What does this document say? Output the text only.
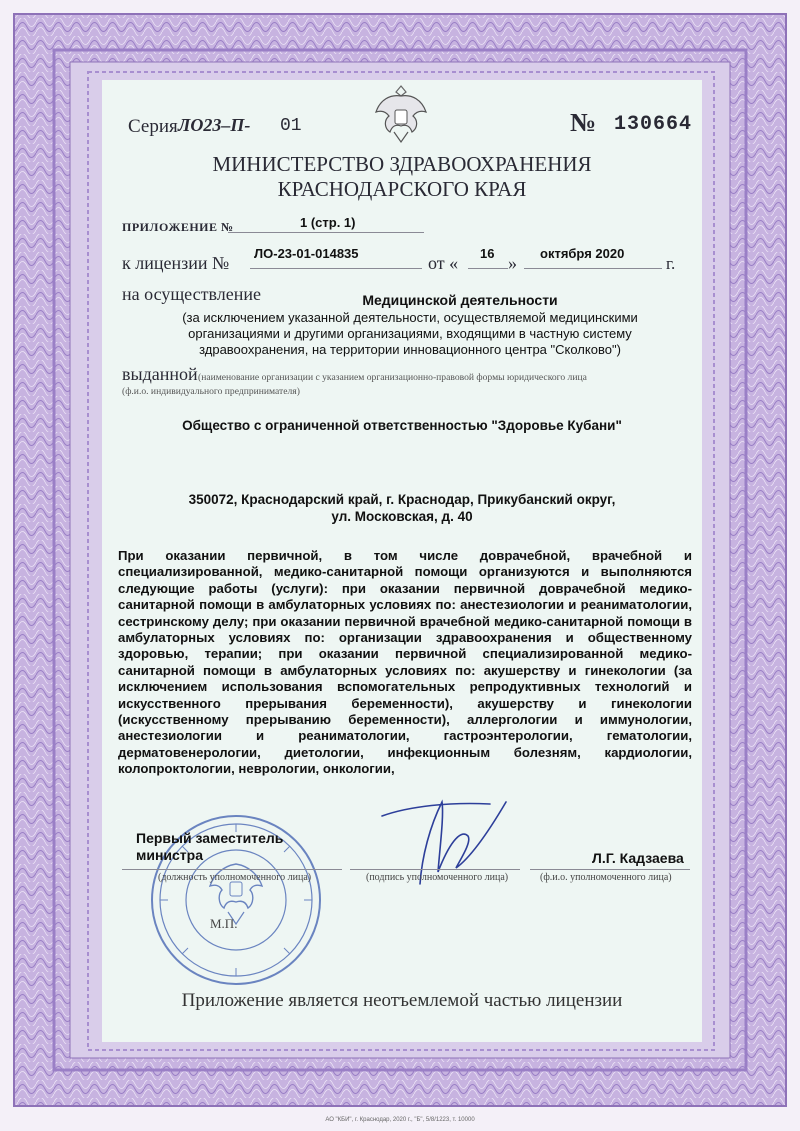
Серия ЛО23–П- 01	№ 130664
МИНИСТЕРСТВО ЗДРАВООХРАНЕНИЯ
КРАСНОДАРСКОГО КРАЯ
ПРИЛОЖЕНИЕ №	1 (стр. 1)
к лицензии № ЛО-23-01-014835	от « 16 » октября 2020
г.
на осуществление	Медицинской деятельности
(за исключением указанной деятельности, осуществляемой медицинскими
организациями и другими организациями, входящими в частную систему
здравоохранения, на территории инновационного центра "Сколково")
выданной (наименование организации с указанием организационно-правовой формы юридического лица
(ф.и.о. индивидуального предпринимателя)
Общество с ограниченной ответственностью "Здоровье Кубани"
350072, Краснодарский край, г. Краснодар, Прикубанский округ,
ул. Московская, д. 40
При оказании первичной, в том числе доврачебной, врачебной и специализированной, медико-санитарной помощи организуются и выполняются следующие работы (услуги): при оказании первичной доврачебной медико-санитарной помощи в амбулаторных условиях по: анестезиологии и реаниматологии, сестринскому делу; при оказании первичной врачебной медико-санитарной помощи в амбулаторных условиях по: организации здравоохранения и общественному здоровью, терапии; при оказании первичной специализированной медико-санитарной помощи в амбулаторных условиях по: акушерству и гинекологии (за исключением использования вспомогательных репродуктивных технологий и искусственного прерывания беременности), акушерству и гинекологии (искусственному прерыванию беременности), аллергологии и иммунологии, анестезиологии и реаниматологии, гастроэнтерологии, гематологии, дерматовенерологии, диетологии, инфекционным болезням, кардиологии, колопроктологии, неврологии, онкологии,
Первый заместитель
министра
(должность уполномоченного лица)	(подпись уполномоченного лица)
Л.Г. Кадзаева
(ф.и.о. уполномоченного лица)
М.П.
Приложение является неотъемлемой частью лицензии
АО "КБИ", г. Краснодар, 2020 г., "Б", 5/8/1223, т. 10000
